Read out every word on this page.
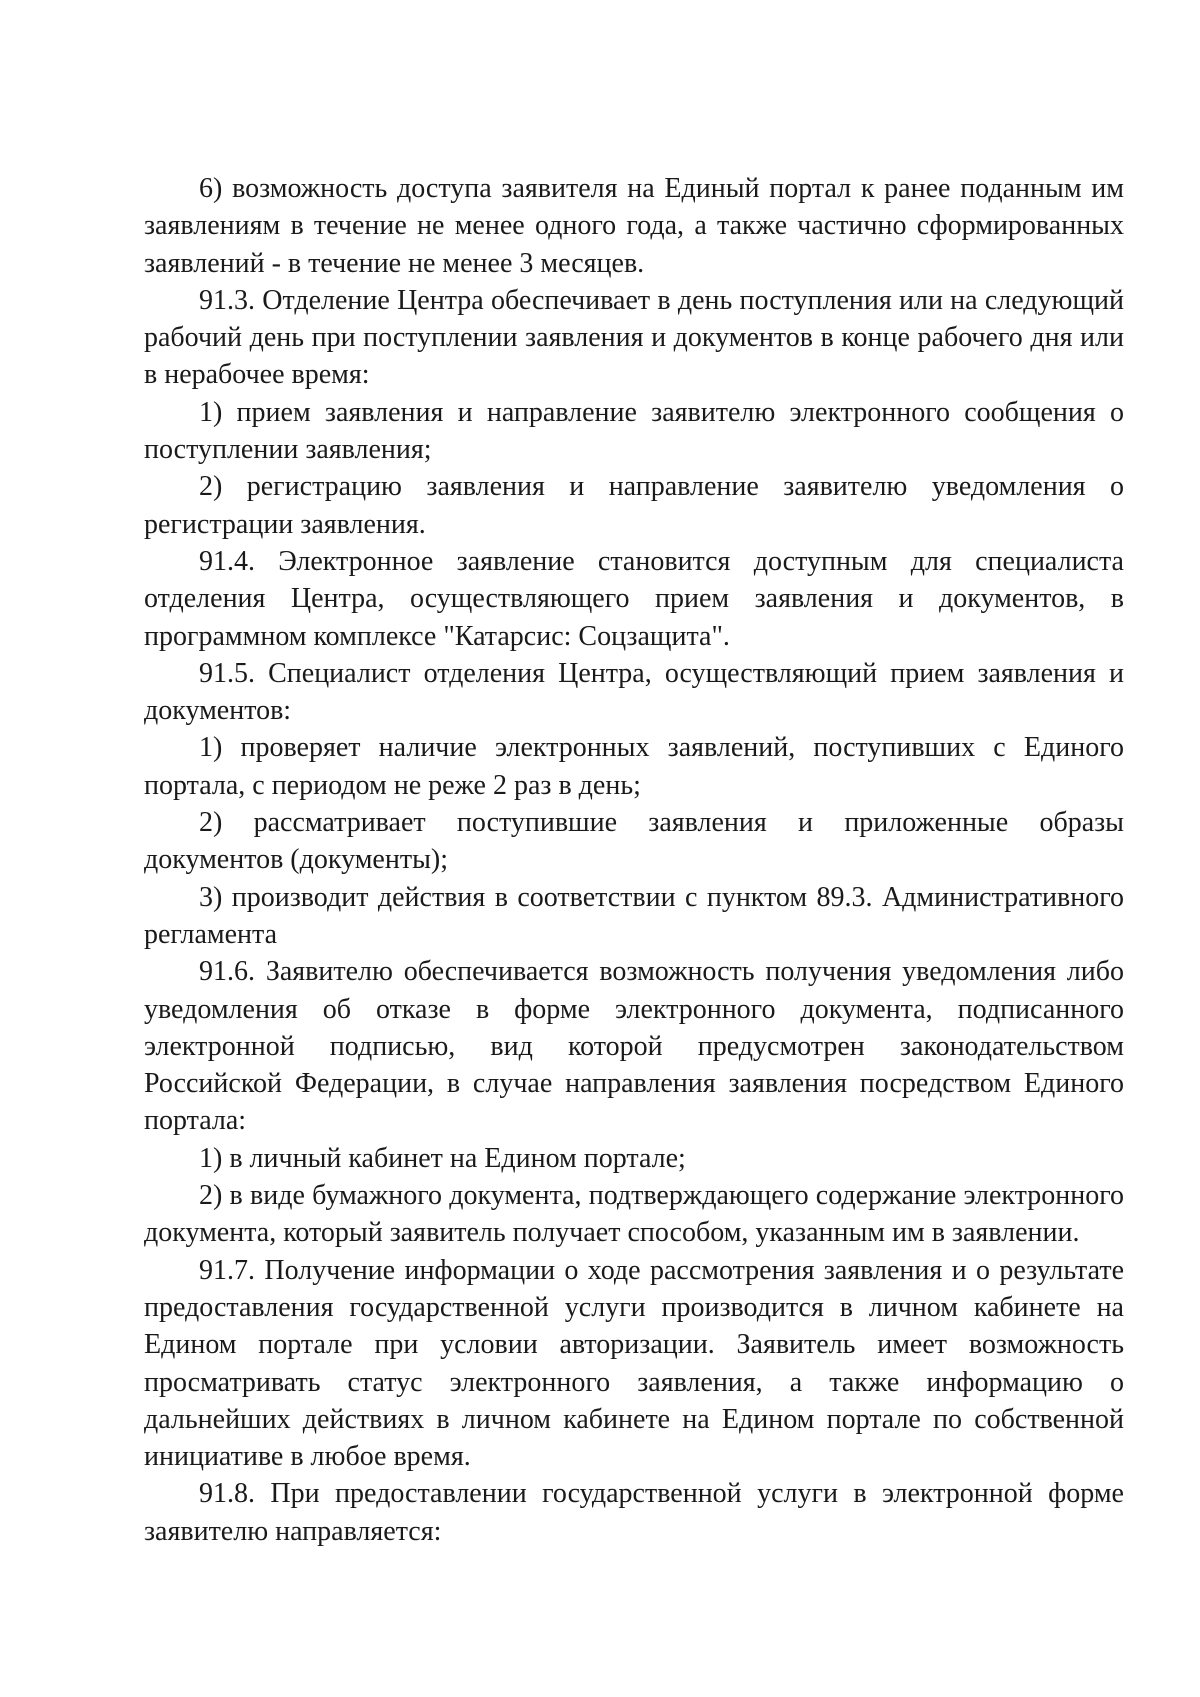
6) возможность доступа заявителя на Единый портал к ранее поданным им заявлениям в течение не менее одного года, а также частично сформированных заявлений - в течение не менее 3 месяцев.

91.3. Отделение Центра обеспечивает в день поступления или на следующий рабочий день при поступлении заявления и документов в конце рабочего дня или в нерабочее время:

1) прием заявления и направление заявителю электронного сообщения о поступлении заявления;

2) регистрацию заявления и направление заявителю уведомления о регистрации заявления.

91.4. Электронное заявление становится доступным для специалиста отделения Центра, осуществляющего прием заявления и документов, в программном комплексе "Катарсис: Соцзащита".

91.5. Специалист отделения Центра, осуществляющий прием заявления и документов:

1) проверяет наличие электронных заявлений, поступивших с Единого портала, с периодом не реже 2 раз в день;

2) рассматривает поступившие заявления и приложенные образы документов (документы);

3) производит действия в соответствии с пунктом 89.3. Административного регламента

91.6. Заявителю обеспечивается возможность получения уведомления либо уведомления об отказе в форме электронного документа, подписанного электронной подписью, вид которой предусмотрен законодательством Российской Федерации, в случае направления заявления посредством Единого портала:

1) в личный кабинет на Едином портале;

2) в виде бумажного документа, подтверждающего содержание электронного документа, который заявитель получает способом, указанным им в заявлении.

91.7. Получение информации о ходе рассмотрения заявления и о результате предоставления государственной услуги производится в личном кабинете на Едином портале при условии авторизации. Заявитель имеет возможность просматривать статус электронного заявления, а также информацию о дальнейших действиях в личном кабинете на Едином портале по собственной инициативе в любое время.

91.8. При предоставлении государственной услуги в электронной форме заявителю направляется:
